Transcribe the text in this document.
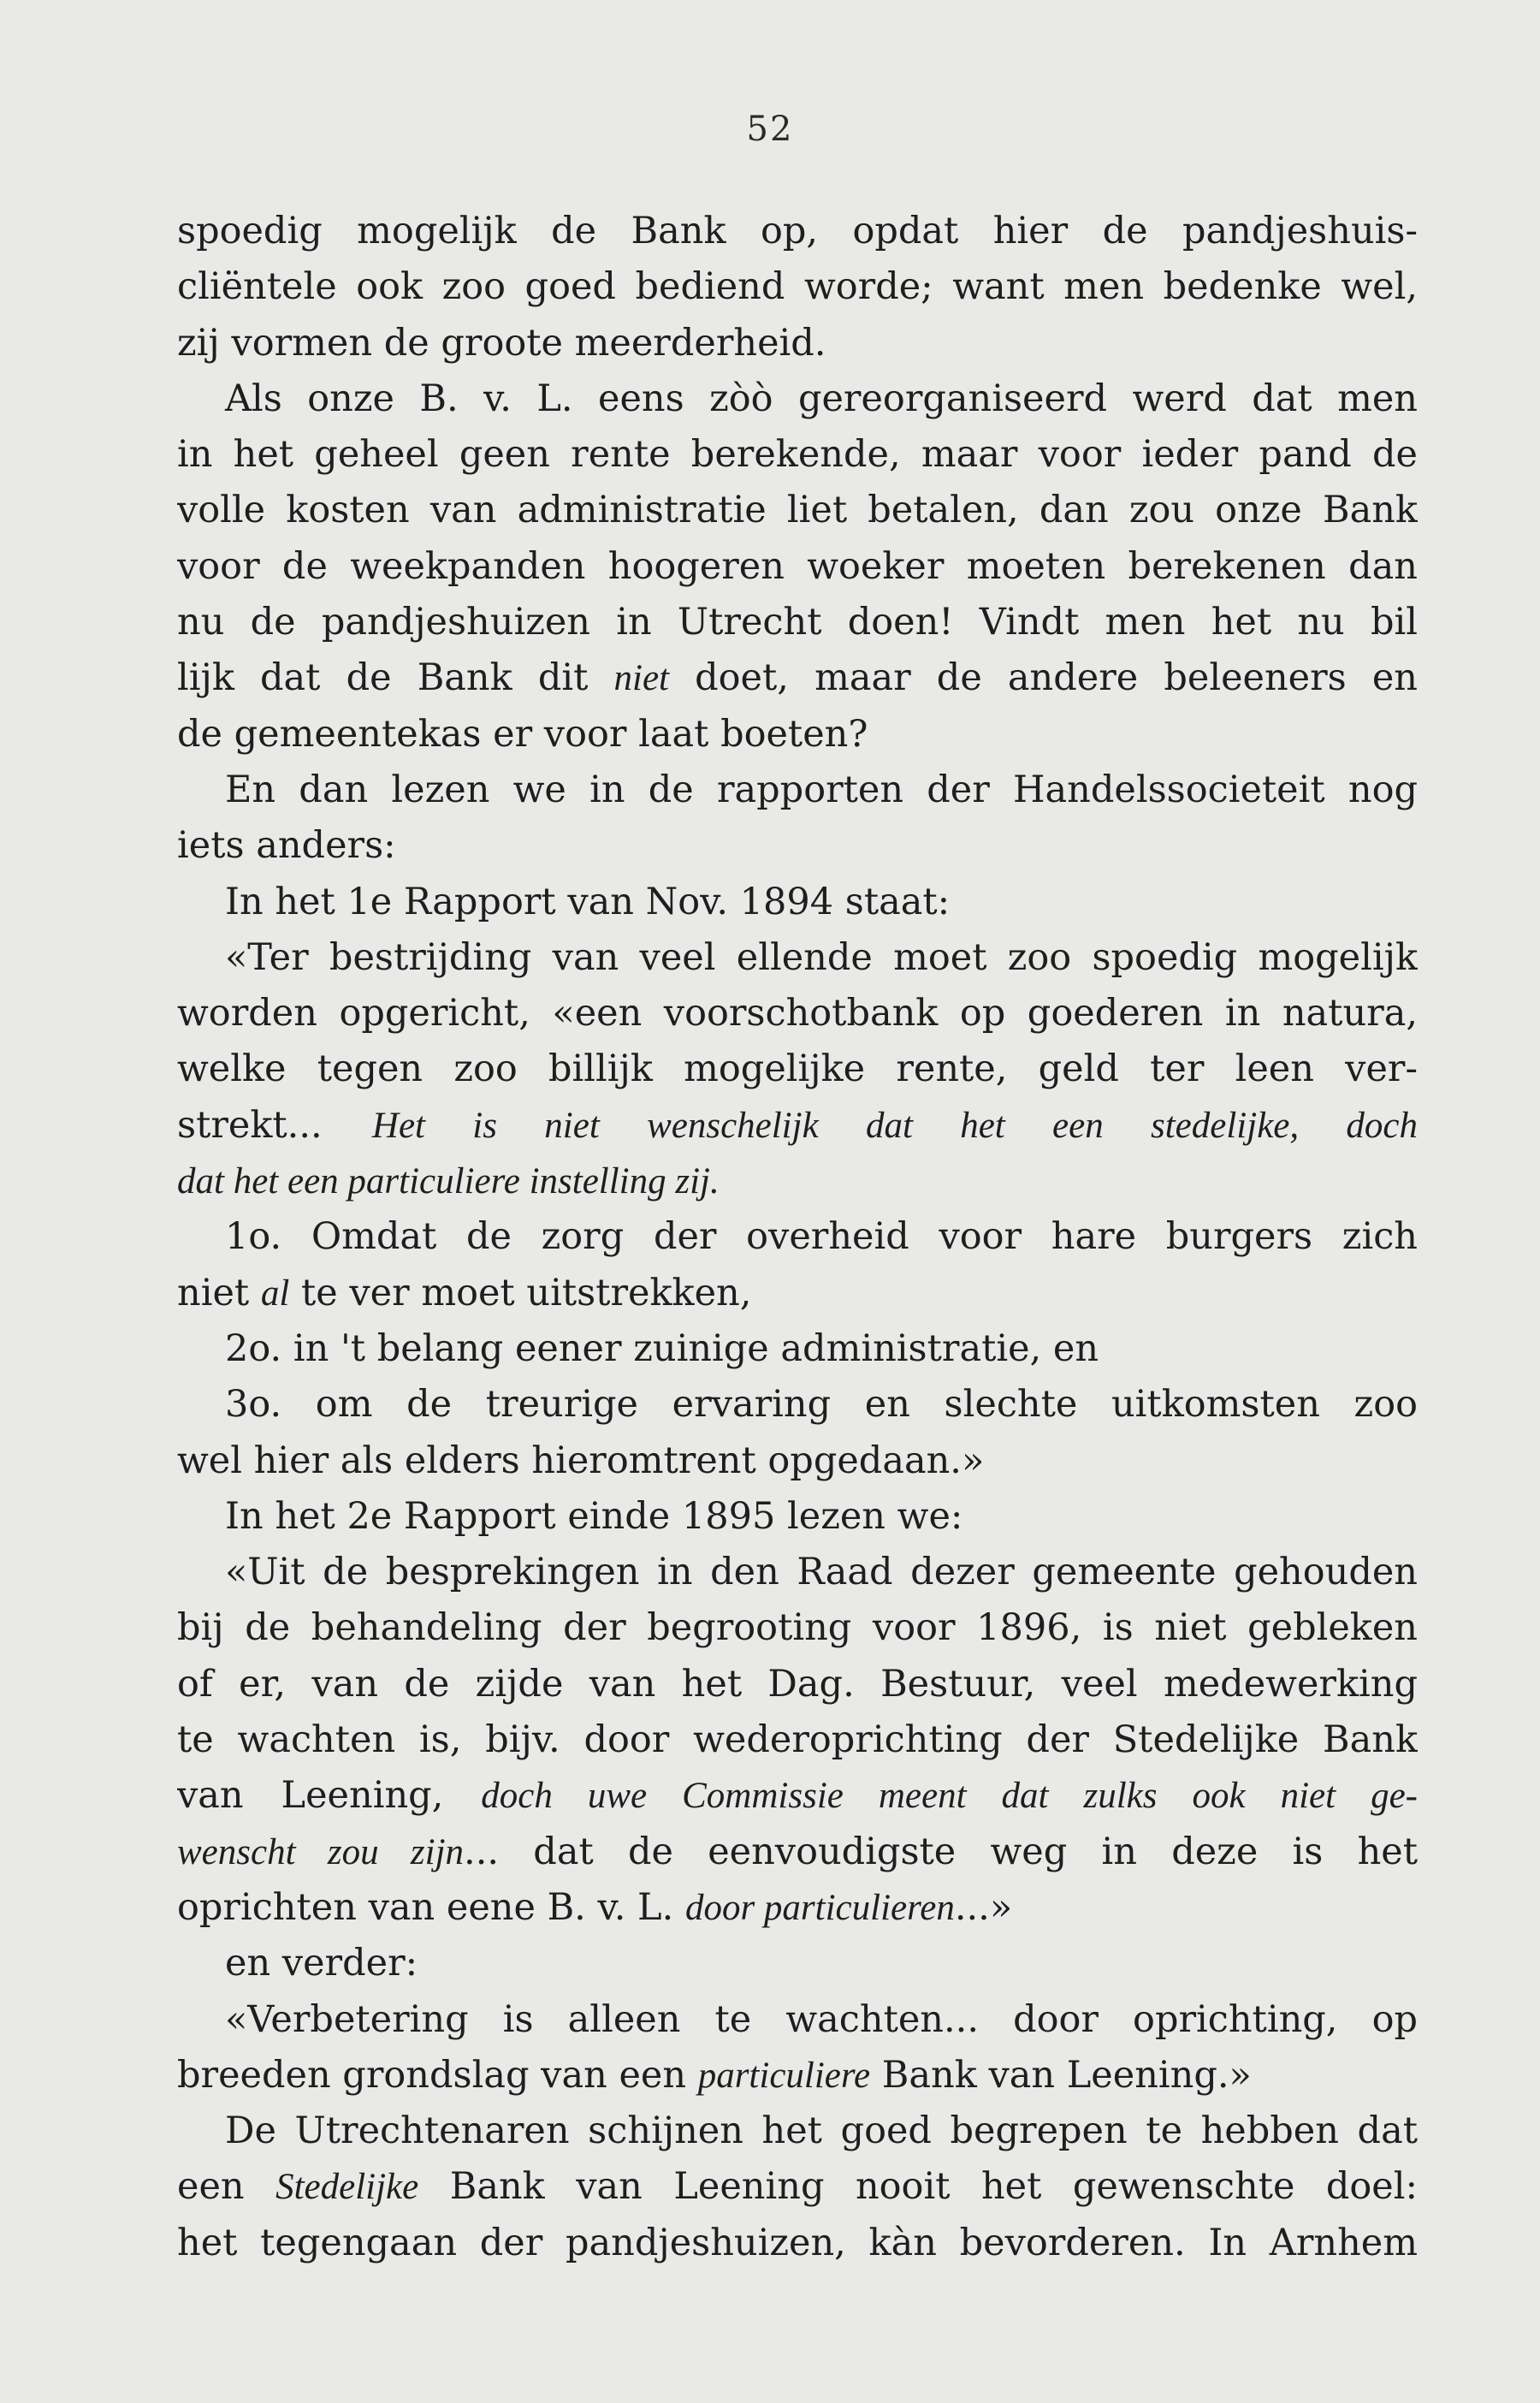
52
spoedig mogelijk de Bank op, opdat hier de pandjeshuis-
cliëntele ook zoo goed bediend worde; want men bedenke wel,
zij vormen de groote meerderheid.
Als onze B. v. L. eens zòò gereorganiseerd werd dat men
in het geheel geen rente berekende, maar voor ieder pand de
volle kosten van administratie liet betalen, dan zou onze Bank
voor de weekpanden hoogeren woeker moeten berekenen dan
nu de pandjeshuizen in Utrecht doen! Vindt men het nu bil
lijk dat de Bank dit niet doet, maar de andere beleeners en
de gemeentekas er voor laat boeten?
En dan lezen we in de rapporten der Handelssocieteit nog
iets anders:
In het 1e Rapport van Nov. 1894 staat:
«Ter bestrijding van veel ellende moet zoo spoedig mogelijk
worden opgericht, «een voorschotbank op goederen in natura,
welke tegen zoo billijk mogelijke rente, geld ter leen ver-
strekt... Het is niet wenschelijk dat het een stedelijke, doch
dat het een particuliere instelling zij.
1o. Omdat de zorg der overheid voor hare burgers zich
niet al te ver moet uitstrekken,
2o. in 't belang eener zuinige administratie, en
3o. om de treurige ervaring en slechte uitkomsten zoo
wel hier als elders hieromtrent opgedaan.»
In het 2e Rapport einde 1895 lezen we:
«Uit de besprekingen in den Raad dezer gemeente gehouden
bij de behandeling der begrooting voor 1896, is niet gebleken
of er, van de zijde van het Dag. Bestuur, veel medewerking
te wachten is, bijv. door wederoprichting der Stedelijke Bank
van Leening, doch uwe Commissie meent dat zulks ook niet ge-
wenscht zou zijn... dat de eenvoudigste weg in deze is het
oprichten van eene B. v. L. door particulieren...»
en verder:
«Verbetering is alleen te wachten... door oprichting, op
breeden grondslag van een particuliere Bank van Leening.»
De Utrechtenaren schijnen het goed begrepen te hebben dat
een Stedelijke Bank van Leening nooit het gewenschte doel:
het tegengaan der pandjeshuizen, kàn bevorderen. In Arnhem
